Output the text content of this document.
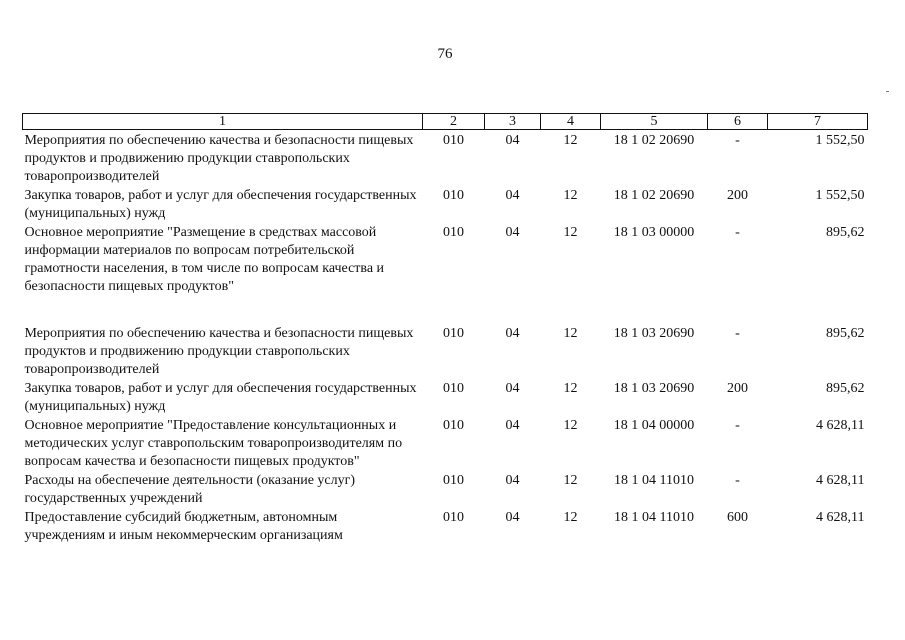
76
1	2	3	4	5	6	7
Мероприятия по обеспечению качества и безопасности пищевых продуктов и продвижению продукции ставропольских товаропроизводителей	010	04	12	18 1 02 20690	-	1 552,50
Закупка товаров, работ и услуг для обеспечения государственных (муниципальных) нужд	010	04	12	18 1 02 20690	200	1 552,50
Основное мероприятие "Размещение в средствах массовой информации материалов по вопросам потребительской грамотности населения, в том числе по вопросам качества и безопасности пищевых продуктов"	010	04	12	18 1 03 00000	-	895,62

Мероприятия по обеспечению качества и безопасности пищевых продуктов и продвижению продукции ставропольских товаропроизводителей	010	04	12	18 1 03 20690	-	895,62
Закупка товаров, работ и услуг для обеспечения государственных (муниципальных) нужд	010	04	12	18 1 03 20690	200	895,62
Основное мероприятие "Предоставление консультационных и методических услуг ставропольским товаропроизводителям по вопросам качества и безопасности пищевых продуктов"	010	04	12	18 1 04 00000	-	4 628,11
Расходы на обеспечение деятельности (оказание услуг) государственных учреждений	010	04	12	18 1 04 11010	-	4 628,11
Предоставление субсидий бюджетным, автономным учреждениям и иным некоммерческим организациям	010	04	12	18 1 04 11010	600	4 628,11
